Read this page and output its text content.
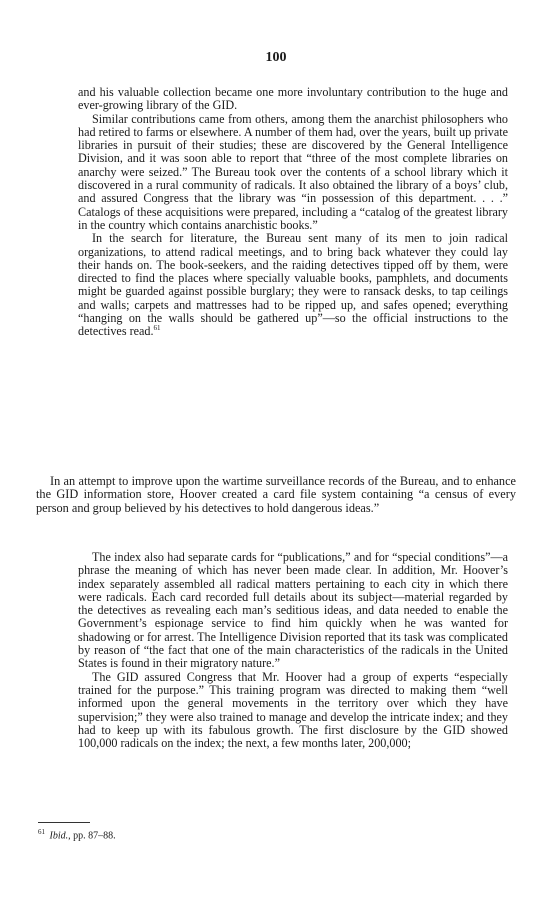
100

and his valuable collection became one more involuntary contribution to the huge and ever-growing library of the GID.

Similar contributions came from others, among them the anarchist philosophers who had retired to farms or elsewhere. A number of them had, over the years, built up private libraries in pursuit of their studies; these are discovered by the General Intelligence Division, and it was soon able to report that “three of the most complete libraries on anarchy were seized.” The Bureau took over the contents of a school library which it discovered in a rural community of radicals. It also obtained the library of a boys’ club, and assured Congress that the library was “in possession of this department. . . .” Catalogs of these acquisitions were prepared, including a “catalog of the greatest library in the country which contains anarchistic books.”

In the search for literature, the Bureau sent many of its men to join radical organizations, to attend radical meetings, and to bring back whatever they could lay their hands on. The book-seekers, and the raiding detectives tipped off by them, were directed to find the places where specially valuable books, pamphlets, and documents might be guarded against possible burglary; they were to ransack desks, to tap ceilings and walls; carpets and mattresses had to be ripped up, and safes opened; everything “hanging on the walls should be gathered up”—so the official instructions to the detectives read.$^{61}$

In an attempt to improve upon the wartime surveillance records of the Bureau, and to enhance the GID information store, Hoover created a card file system containing “a census of every person and group believed by his detectives to hold dangerous ideas.”

The index also had separate cards for “publications,” and for “special conditions”—a phrase the meaning of which has never been made clear. In addition, Mr. Hoover’s index separately assembled all radical matters pertaining to each city in which there were radicals. Each card recorded full details about its subject—material regarded by the detectives as revealing each man’s seditious ideas, and data needed to enable the Government’s espionage service to find him quickly when he was wanted for shadowing or for arrest. The Intelligence Division reported that its task was complicated by reason of “the fact that one of the main characteristics of the radicals in the United States is found in their migratory nature.”

The GID assured Congress that Mr. Hoover had a group of experts “especially trained for the purpose.” This training program was directed to making them “well informed upon the general movements in the territory over which they have supervision;” they were also trained to manage and develop the intricate index; and they had to keep up with its fabulous growth. The first disclosure by the GID showed 100,000 radicals on the index; the next, a few months later, 200,000;

$^{61}$ Ibid., pp. 87–88.
